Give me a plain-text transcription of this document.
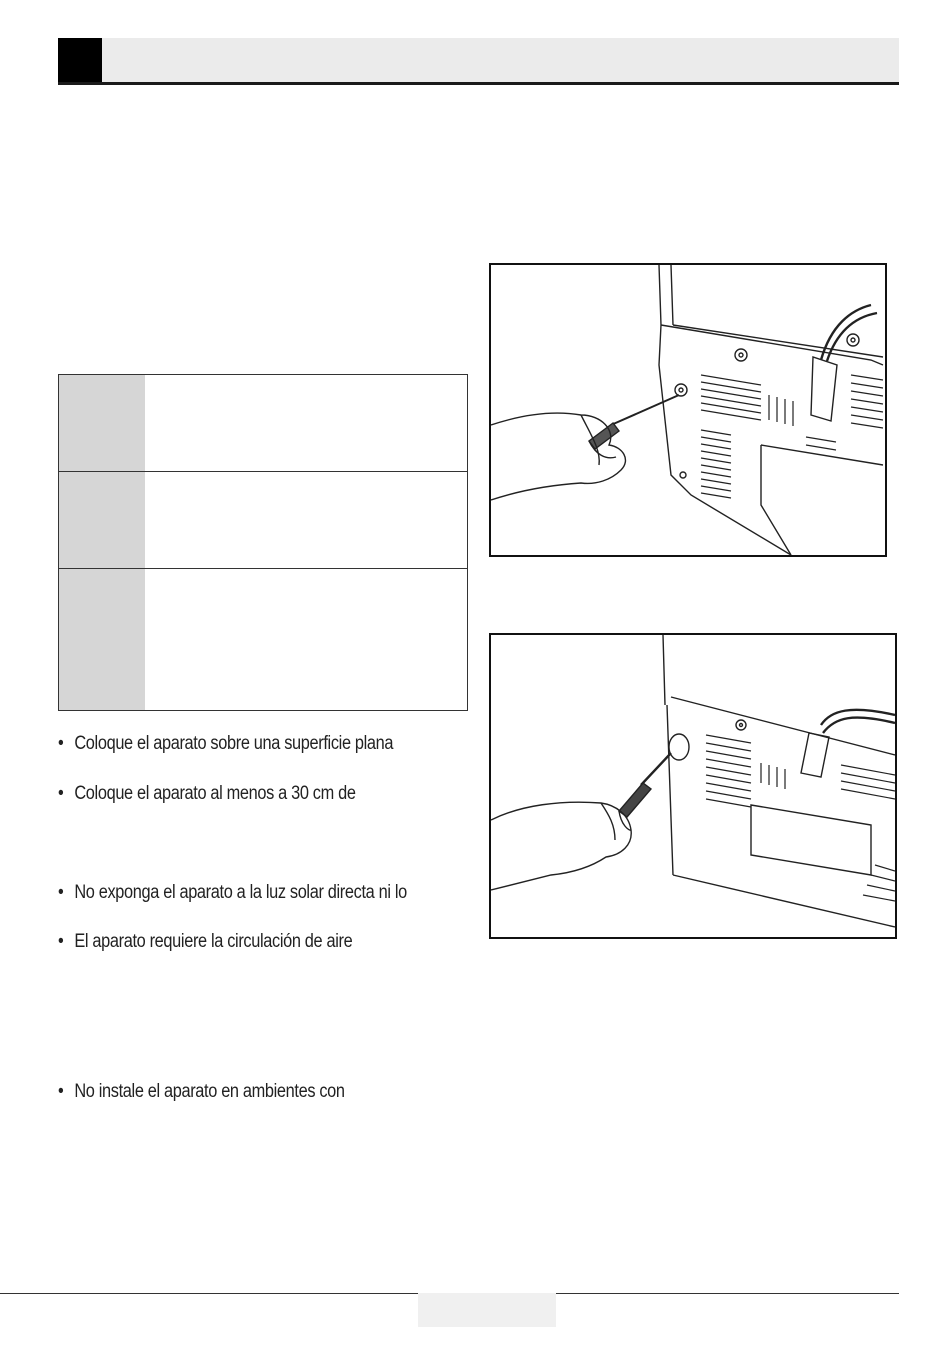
• Coloque el aparato sobre una superficie plana
• Coloque el aparato al menos a 30 cm de
• No exponga el aparato a la luz solar directa ni lo
• El aparato requiere la circulación de aire
• No instale el aparato en ambientes con
